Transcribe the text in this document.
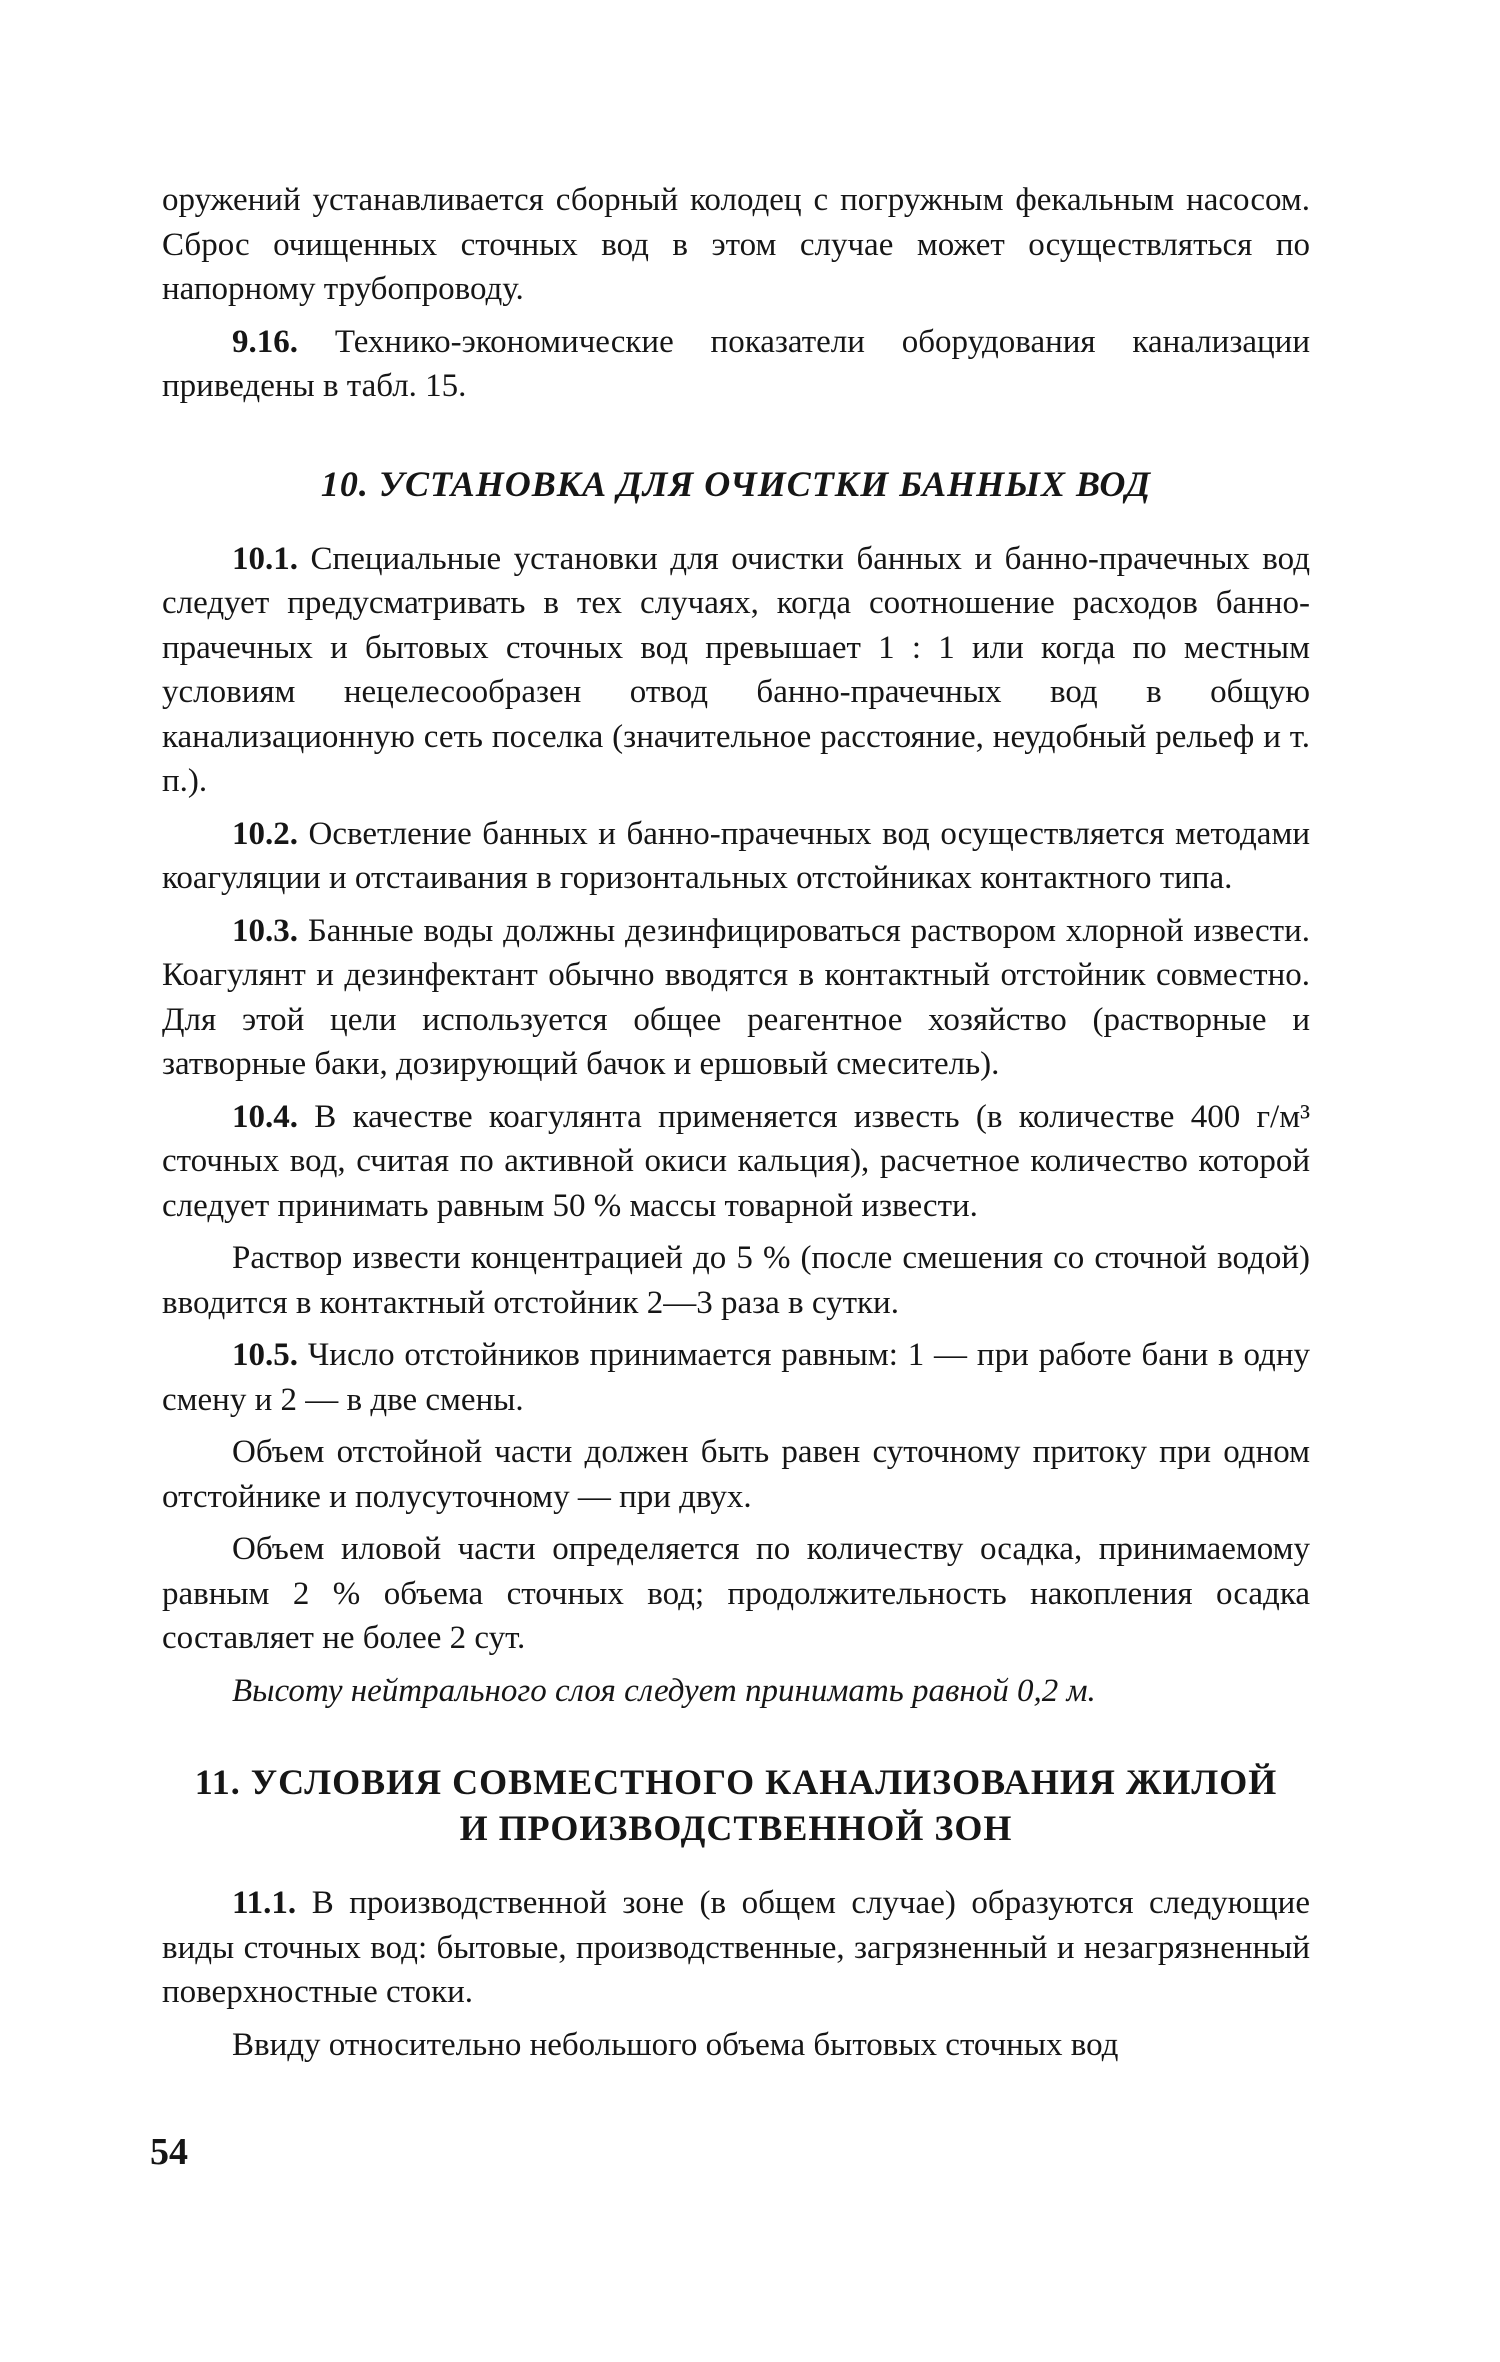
оружений устанавливается сборный колодец с погружным фекальным насосом. Сброс очищенных сточных вод в этом случае может осуществляться по напорному трубопроводу.

9.16. Технико-экономические показатели оборудования канализации приведены в табл. 15.

10. УСТАНОВКА ДЛЯ ОЧИСТКИ БАННЫХ ВОД

10.1. Специальные установки для очистки банных и банно-прачечных вод следует предусматривать в тех случаях, когда соотношение расходов банно-прачечных и бытовых сточных вод превышает 1 : 1 или когда по местным условиям нецелесообразен отвод банно-прачечных вод в общую канализационную сеть поселка (значительное расстояние, неудобный рельеф и т. п.).

10.2. Осветление банных и банно-прачечных вод осуществляется методами коагуляции и отстаивания в горизонтальных отстойниках контактного типа.

10.3. Банные воды должны дезинфицироваться раствором хлорной извести. Коагулянт и дезинфектант обычно вводятся в контактный отстойник совместно. Для этой цели используется общее реагентное хозяйство (растворные и затворные баки, дозирующий бачок и ершовый смеситель).

10.4. В качестве коагулянта применяется известь (в количестве 400 г/м³ сточных вод, считая по активной окиси кальция), расчетное количество которой следует принимать равным 50 % массы товарной извести.

Раствор извести концентрацией до 5 % (после смешения со сточной водой) вводится в контактный отстойник 2—3 раза в сутки.

10.5. Число отстойников принимается равным: 1 — при работе бани в одну смену и 2 — в две смены.

Объем отстойной части должен быть равен суточному притоку при одном отстойнике и полусуточному — при двух.

Объем иловой части определяется по количеству осадка, принимаемому равным 2 % объема сточных вод; продолжительность накопления осадка составляет не более 2 сут.

Высоту нейтрального слоя следует принимать равной 0,2 м.

11. УСЛОВИЯ СОВМЕСТНОГО КАНАЛИЗОВАНИЯ ЖИЛОЙ
И ПРОИЗВОДСТВЕННОЙ ЗОН

11.1. В производственной зоне (в общем случае) образуются следующие виды сточных вод: бытовые, производственные, загрязненный и незагрязненный поверхностные стоки.

Ввиду относительно небольшого объема бытовых сточных вод

54
